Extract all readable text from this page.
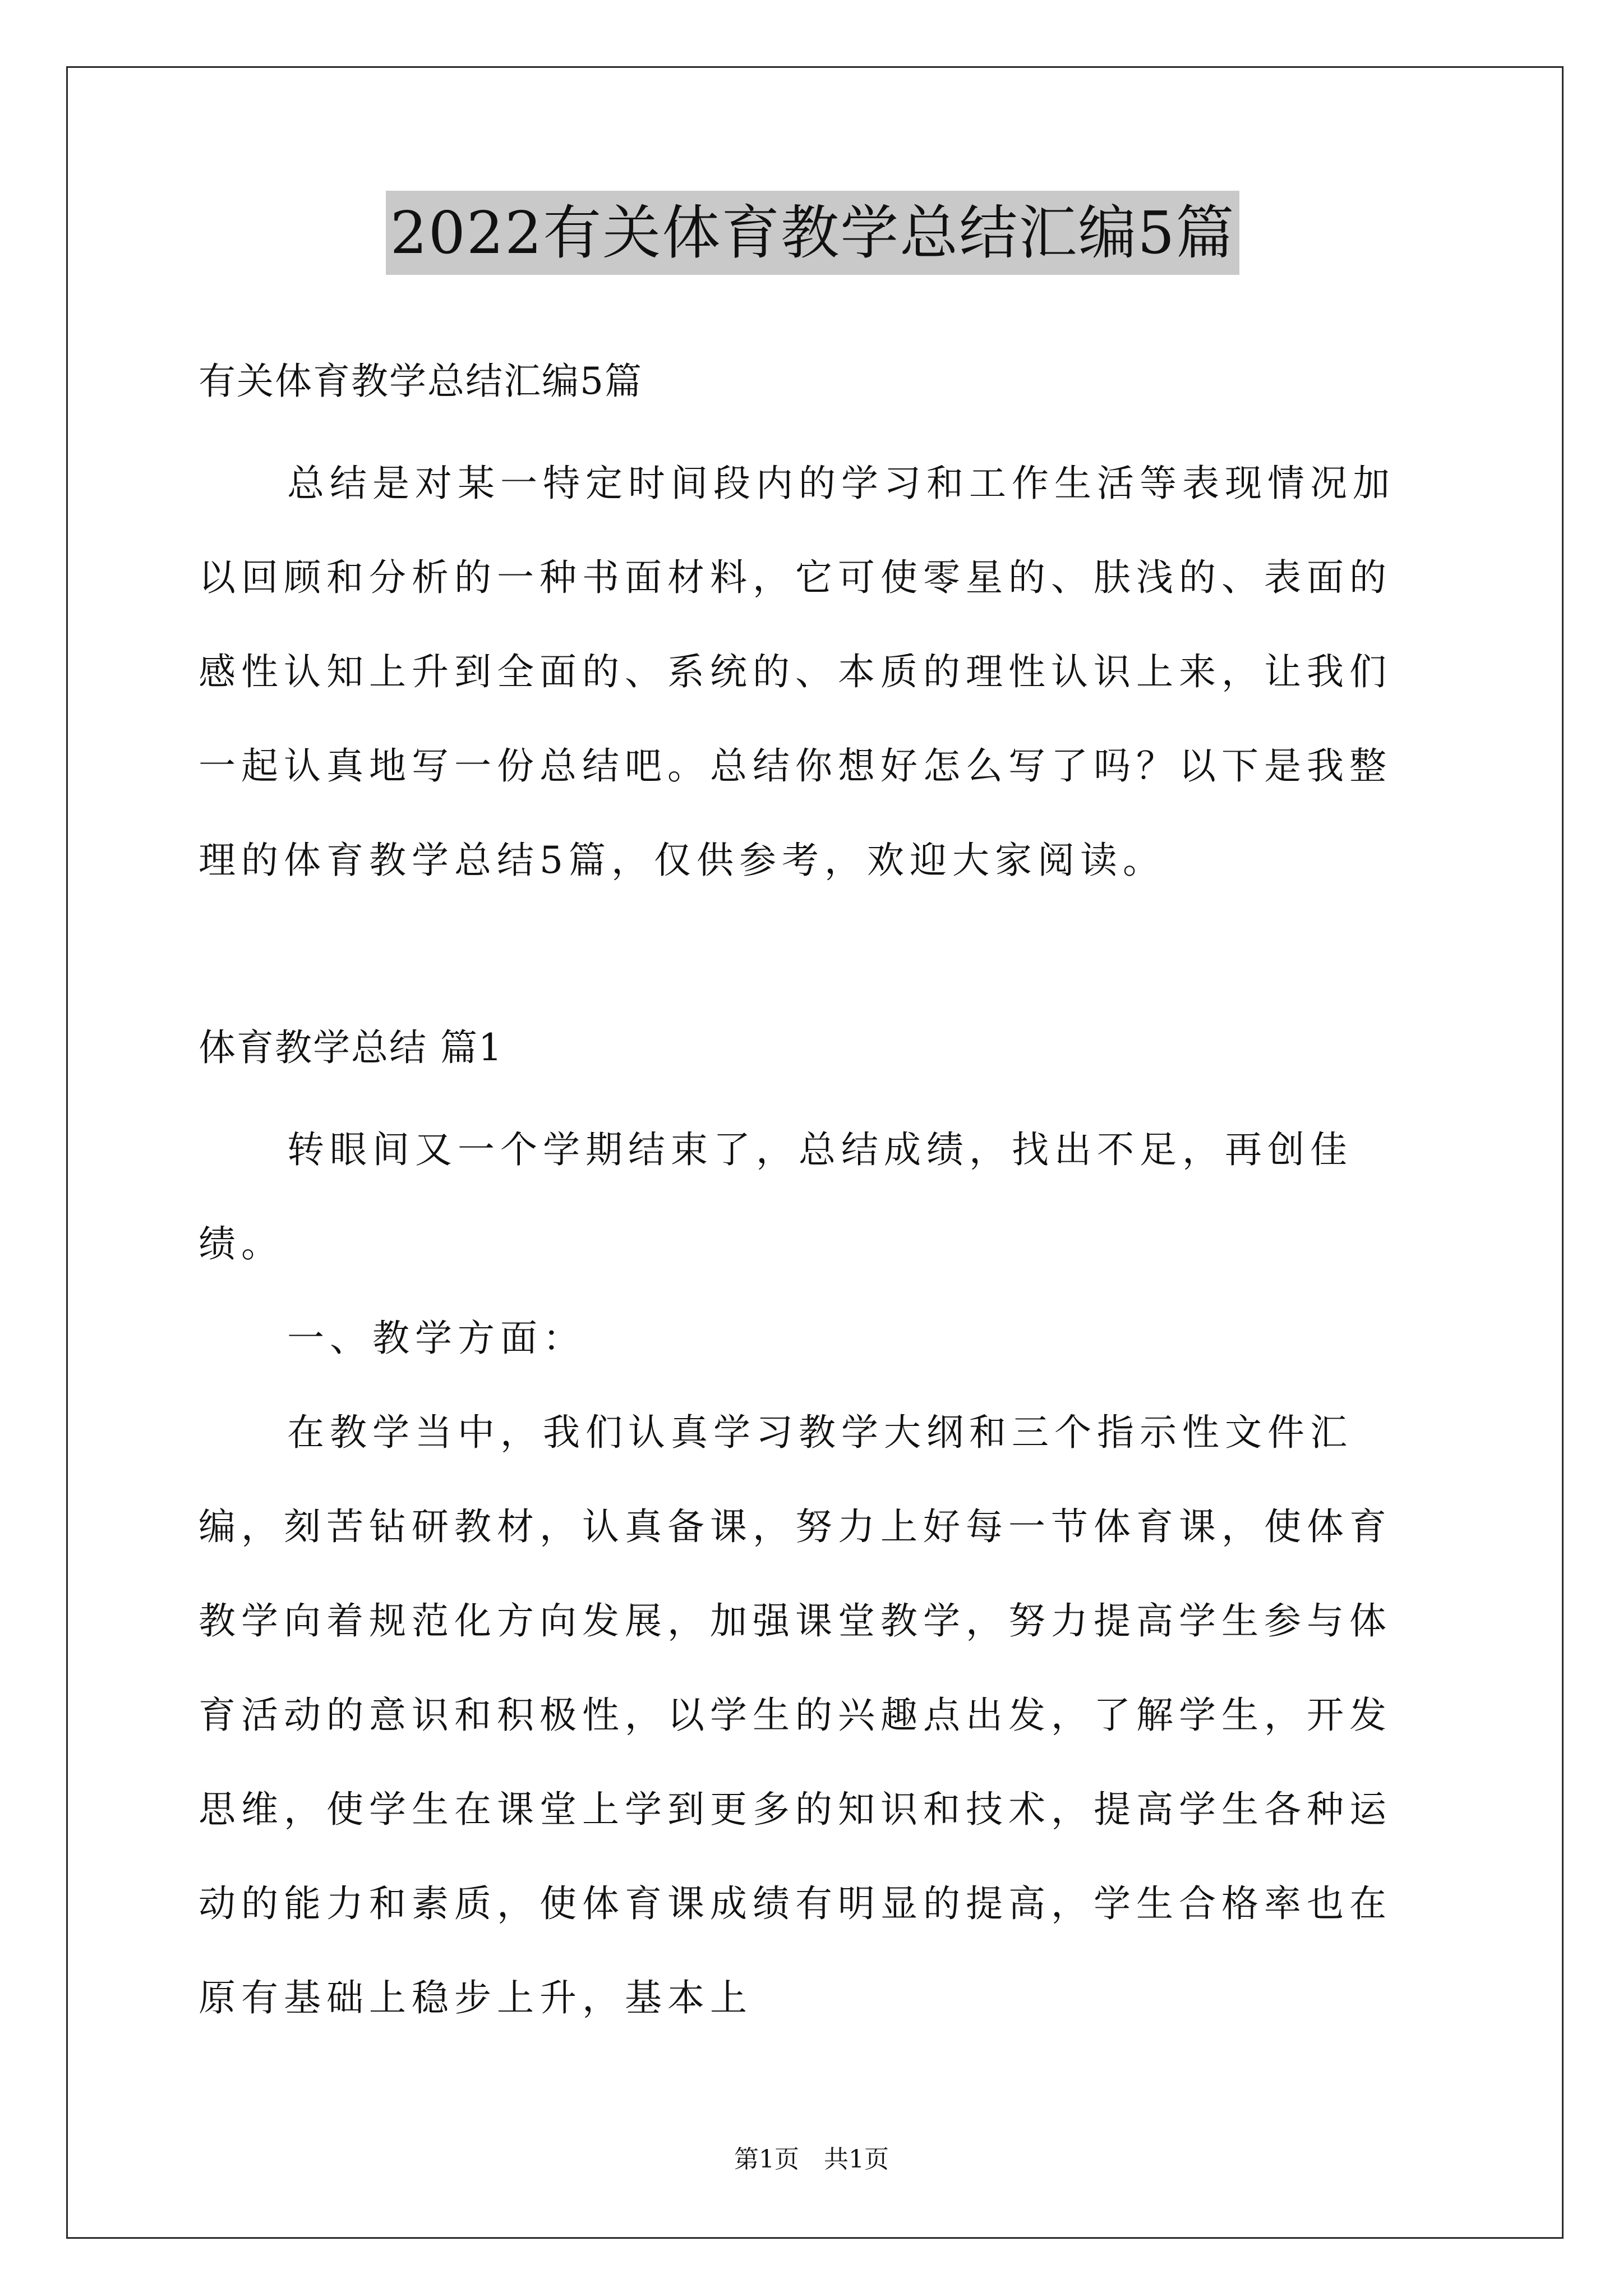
2022有关体育教学总结汇编5篇
有关体育教学总结汇编5篇

总结是对某一特定时间段内的学习和工作生活等表现情况加以回顾和分析的一种书面材料，它可使零星的、肤浅的、表面的感性认知上升到全面的、系统的、本质的理性认识上来，让我们一起认真地写一份总结吧。总结你想好怎么写了吗？以下是我整理的体育教学总结5篇，仅供参考，欢迎大家阅读。

体育教学总结 篇1

转眼间又一个学期结束了，总结成绩，找出不足，再创佳绩。

一、教学方面：

在教学当中，我们认真学习教学大纲和三个指示性文件汇编，刻苦钻研教材，认真备课，努力上好每一节体育课，使体育教学向着规范化方向发展，加强课堂教学，努力提高学生参与体育活动的意识和积极性，以学生的兴趣点出发，了解学生，开发思维，使学生在课堂上学到更多的知识和技术，提高学生各种运动的能力和素质，使体育课成绩有明显的提高，学生合格率也在原有基础上稳步上升，基本上

第1页　共1页
